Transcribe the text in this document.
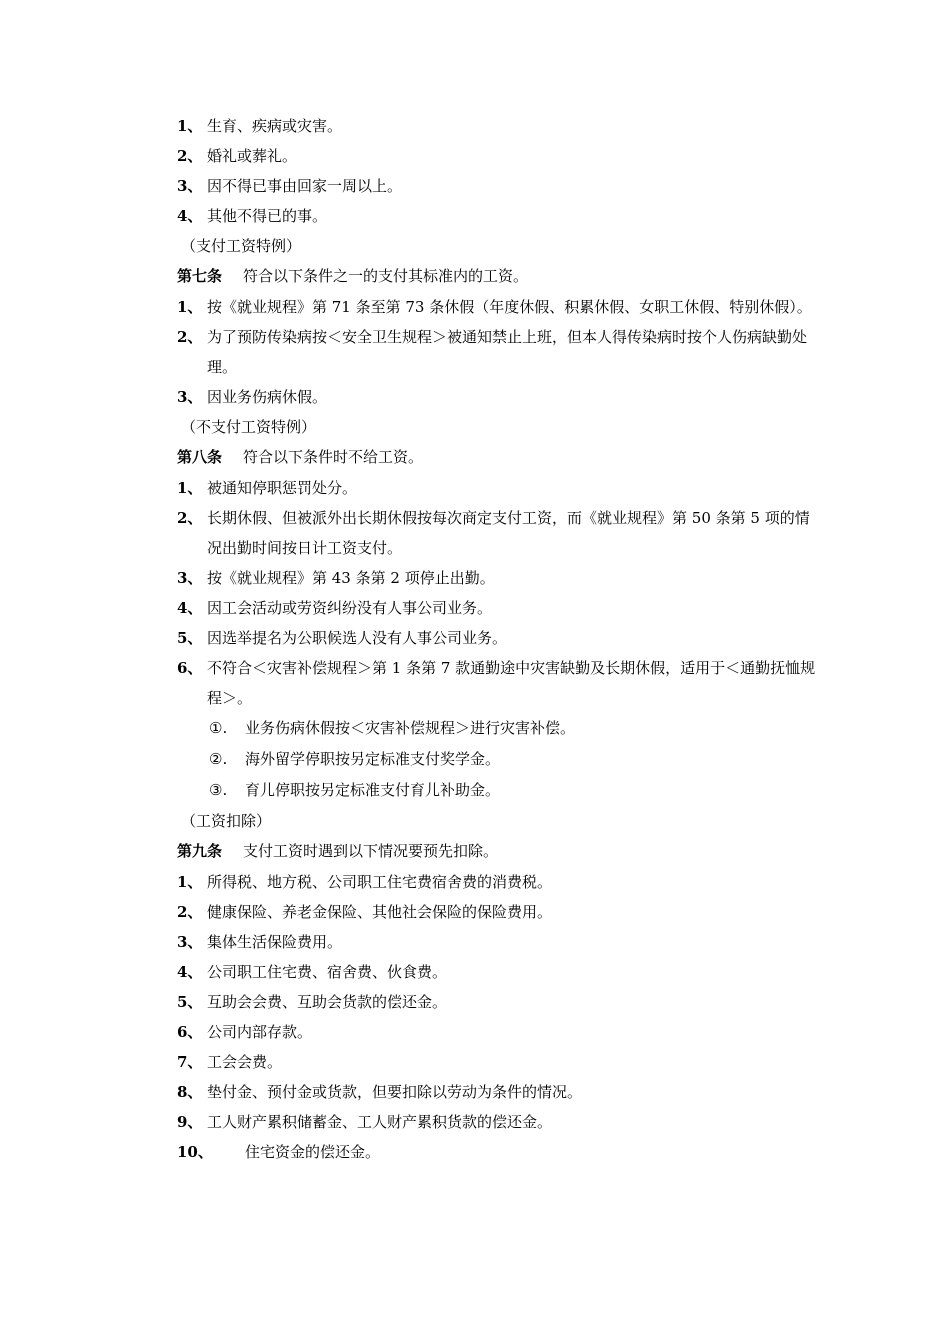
1、 生育、疾病或灾害。
2、 婚礼或葬礼。
3、 因不得已事由回家一周以上。
4、 其他不得已的事。
（支付工资特例）
第七条 符合以下条件之一的支付其标准内的工资。
1、 按《就业规程》第 71 条至第 73 条休假（年度休假、积累休假、女职工休假、特别休假）。
2、 为了预防传染病按＜安全卫生规程＞被通知禁止上班，但本人得传染病时按个人伤病缺勤处理。
3、 因业务伤病休假。
（不支付工资特例）
第八条 符合以下条件时不给工资。
1、 被通知停职惩罚处分。
2、 长期休假、但被派外出长期休假按每次商定支付工资，而《就业规程》第 50 条第 5 项的情况出勤时间按日计工资支付。
3、 按《就业规程》第 43 条第 2 项停止出勤。
4、 因工会活动或劳资纠纷没有人事公司业务。
5、 因选举提名为公职候选人没有人事公司业务。
6、 不符合＜灾害补偿规程＞第 1 条第 7 款通勤途中灾害缺勤及长期休假，适用于＜通勤抚恤规程＞。
①.	业务伤病休假按＜灾害补偿规程＞进行灾害补偿。
②.	海外留学停职按另定标准支付奖学金。
③.	育儿停职按另定标准支付育儿补助金。
（工资扣除）
第九条 支付工资时遇到以下情况要预先扣除。
1、 所得税、地方税、公司职工住宅费宿舍费的消费税。
2、 健康保险、养老金保险、其他社会保险的保险费用。
3、 集体生活保险费用。
4、 公司职工住宅费、宿舍费、伙食费。
5、 互助会会费、互助会货款的偿还金。
6、 公司内部存款。
7、 工会会费。
8、 垫付金、预付金或货款，但要扣除以劳动为条件的情况。
9、 工人财产累积储蓄金、工人财产累积货款的偿还金。
10、	住宅资金的偿还金。
